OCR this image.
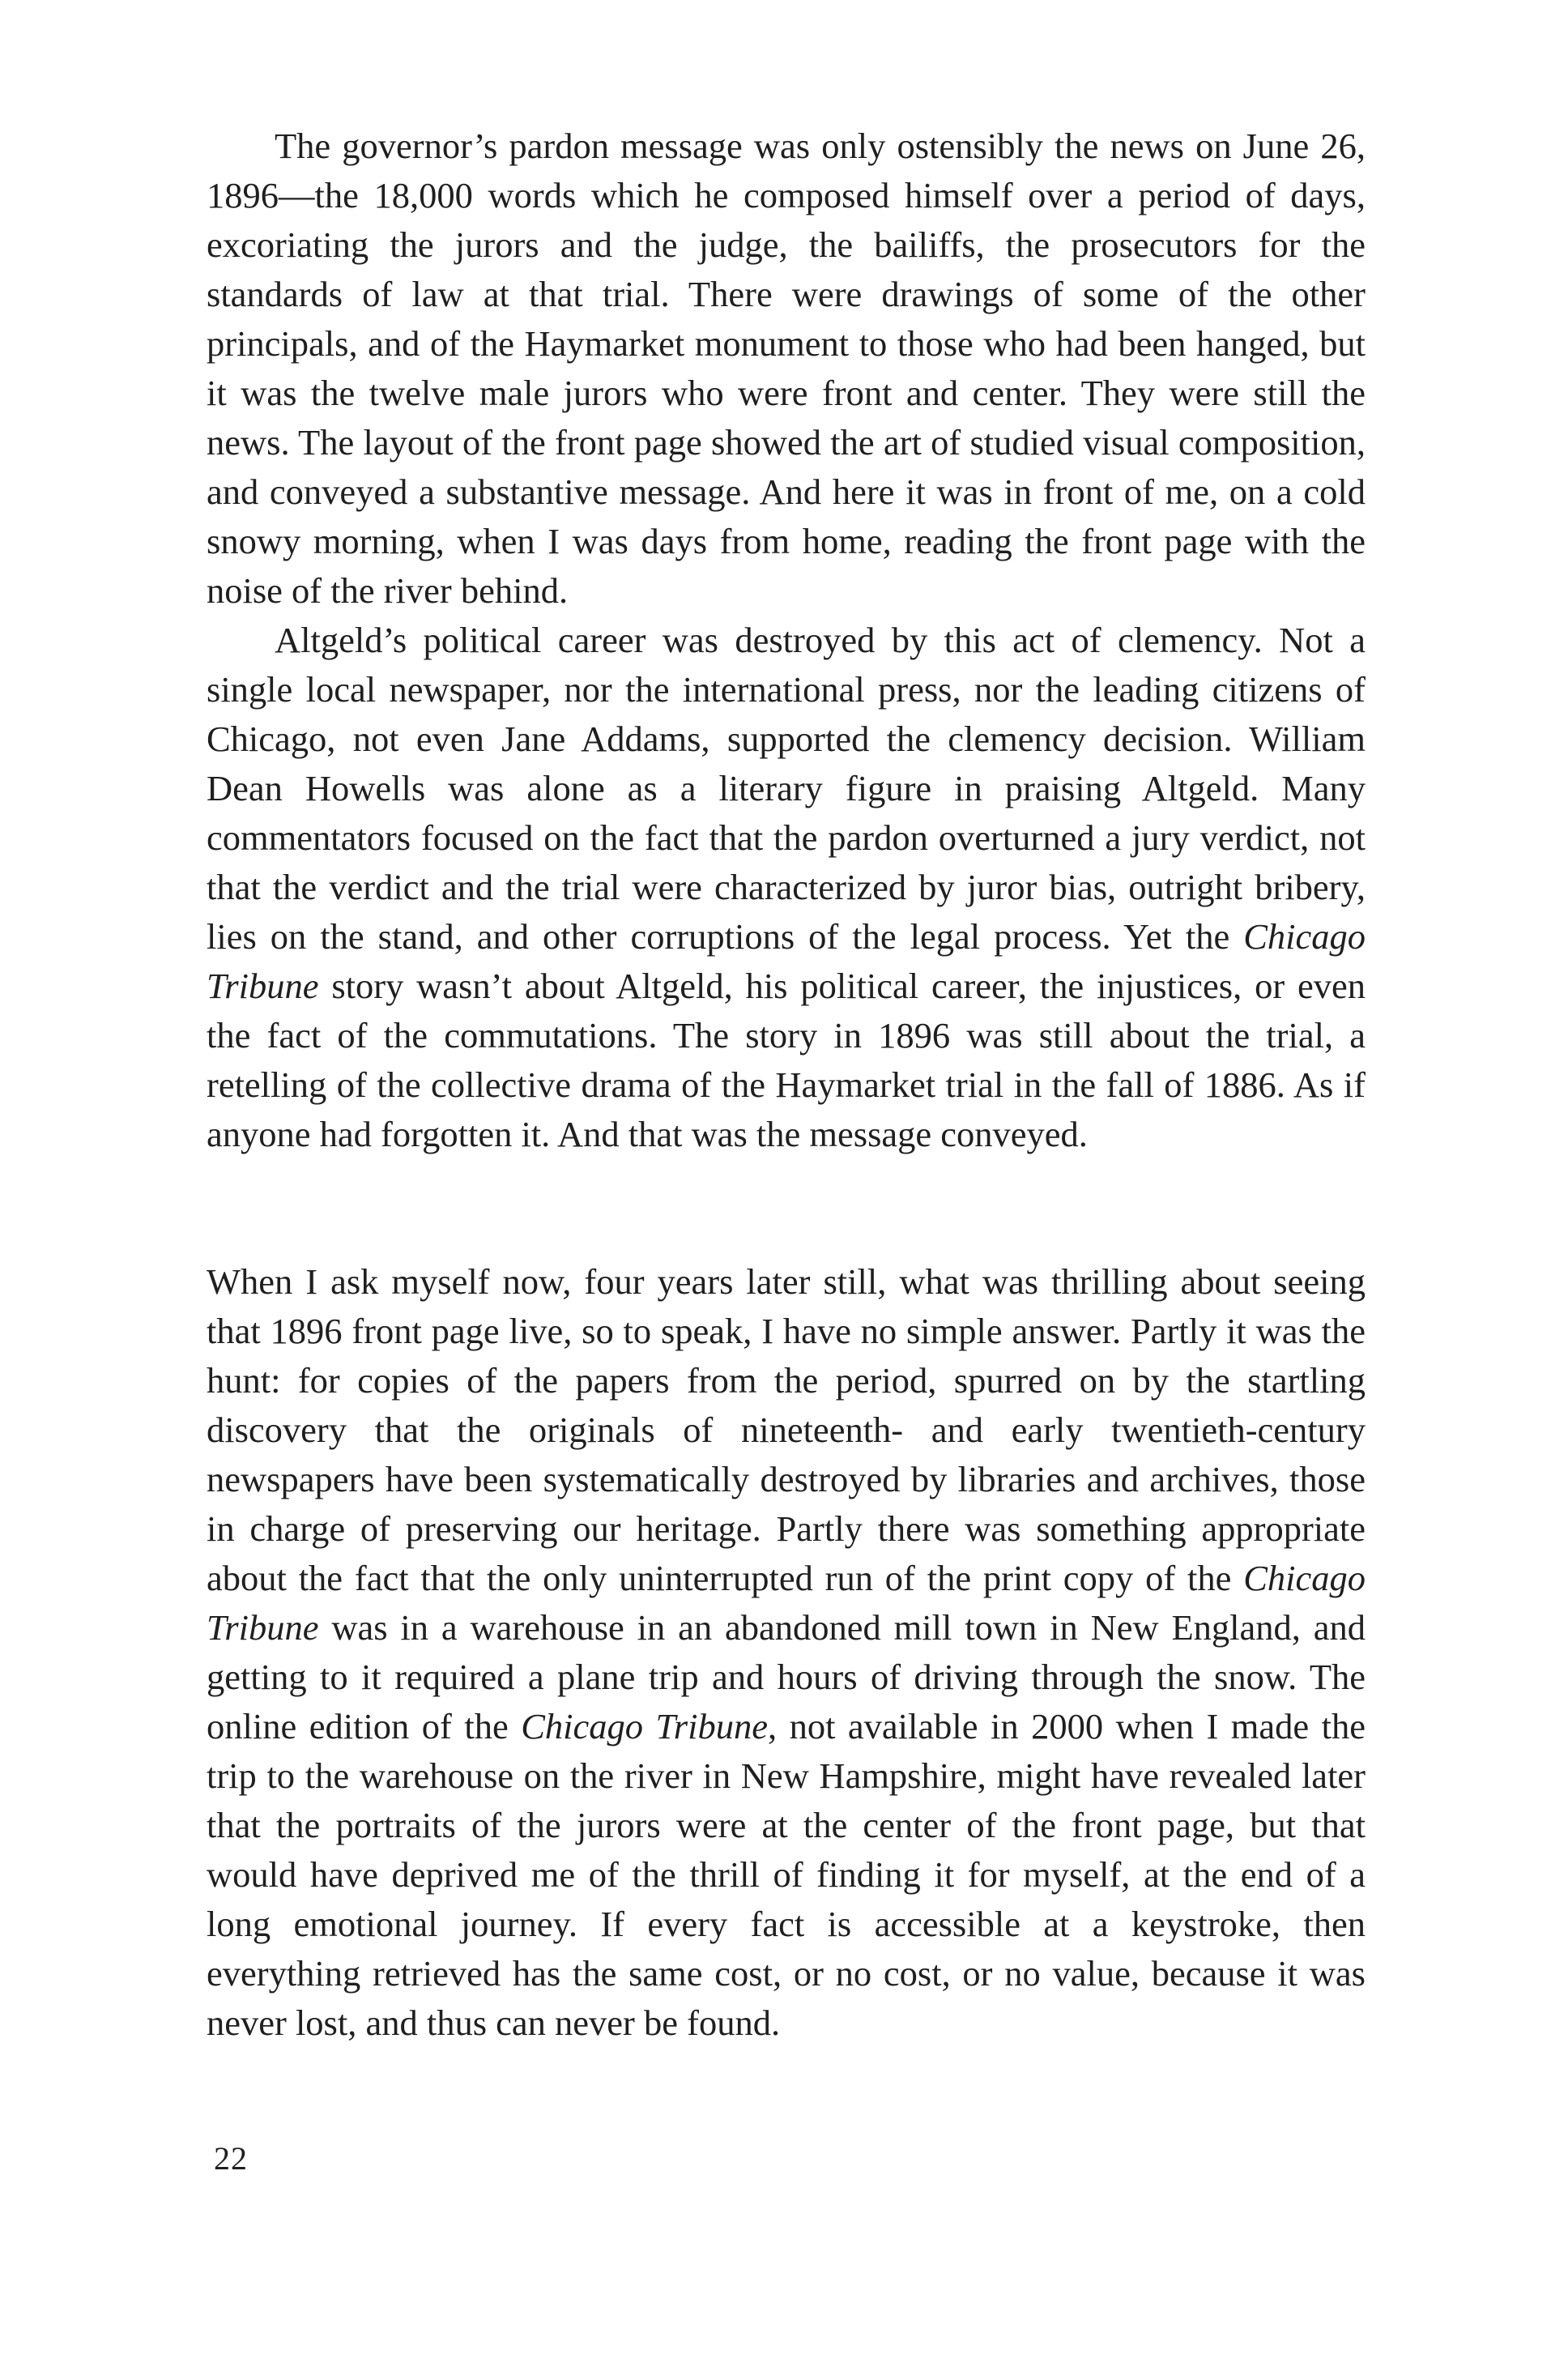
The governor’s pardon message was only ostensibly the news on June 26, 1896—the 18,000 words which he composed himself over a period of days, excoriating the jurors and the judge, the bailiffs, the prosecutors for the standards of law at that trial. There were drawings of some of the other principals, and of the Haymarket monument to those who had been hanged, but it was the twelve male jurors who were front and center. They were still the news. The layout of the front page showed the art of studied visual composition, and conveyed a substantive message. And here it was in front of me, on a cold snowy morning, when I was days from home, reading the front page with the noise of the river behind.

Altgeld’s political career was destroyed by this act of clemency. Not a single local newspaper, nor the international press, nor the leading citizens of Chicago, not even Jane Addams, supported the clemency decision. William Dean Howells was alone as a literary figure in praising Altgeld. Many commentators focused on the fact that the pardon overturned a jury verdict, not that the verdict and the trial were characterized by juror bias, outright bribery, lies on the stand, and other corruptions of the legal process. Yet the Chicago Tribune story wasn’t about Altgeld, his political career, the injustices, or even the fact of the commutations. The story in 1896 was still about the trial, a retelling of the collective drama of the Haymarket trial in the fall of 1886. As if anyone had forgotten it. And that was the message conveyed.

When I ask myself now, four years later still, what was thrilling about seeing that 1896 front page live, so to speak, I have no simple answer. Partly it was the hunt: for copies of the papers from the period, spurred on by the startling discovery that the originals of nineteenth- and early twentieth-century newspapers have been systematically destroyed by libraries and archives, those in charge of preserving our heritage. Partly there was something appropriate about the fact that the only uninterrupted run of the print copy of the Chicago Tribune was in a warehouse in an abandoned mill town in New England, and getting to it required a plane trip and hours of driving through the snow. The online edition of the Chicago Tribune, not available in 2000 when I made the trip to the warehouse on the river in New Hampshire, might have revealed later that the portraits of the jurors were at the center of the front page, but that would have deprived me of the thrill of finding it for myself, at the end of a long emotional journey. If every fact is accessible at a keystroke, then everything retrieved has the same cost, or no cost, or no value, because it was never lost, and thus can never be found.

22
